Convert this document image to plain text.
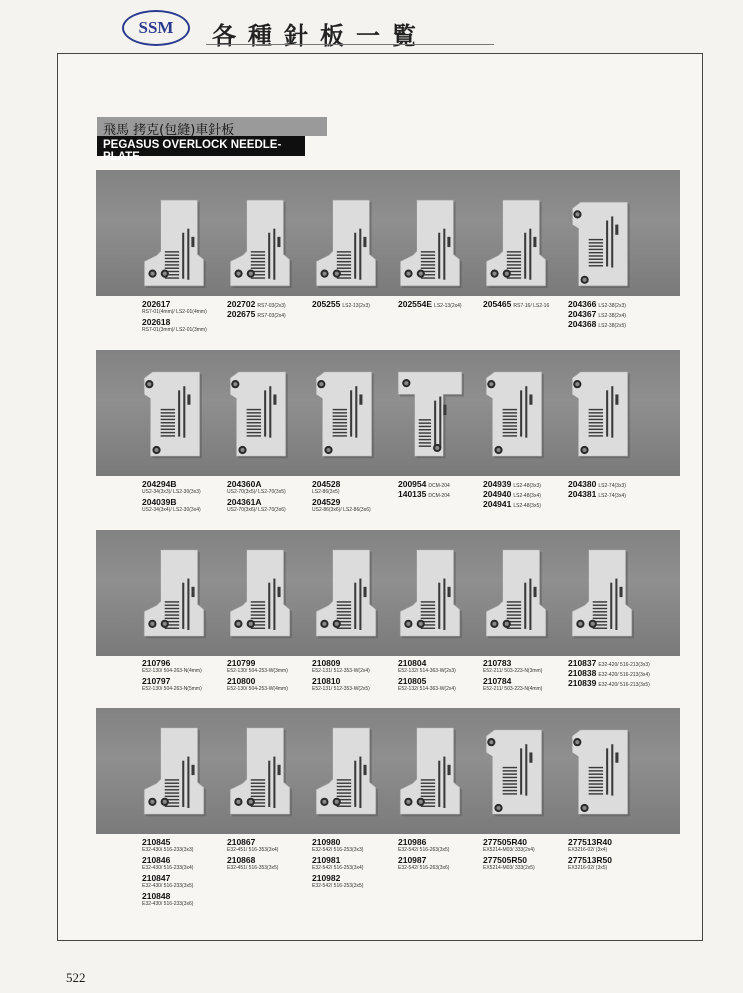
SSM 各種針板一覧
飛馬 拷克(包縫)車針板
PEGASUS OVERLOCK NEEDLE-PLATE
522
202617
RS7-01(4mm)/ LS2-01(4mm)
202618
RS7-01(3mm)/ LS2-01(3mm)
202702 RS7-03(2x3)
202675 RS7-03(2x4)
205255 LS2-13(2x3)	202554E LS2-13(2x4)	205465 RS7-16/ LS2-16 204366 LS2-38(2x3)
204367 LS2-38(2x4)
204368 LS2-38(2x5)
204294B
US2-34(3x3)/ LS2-30(3x3)
204039B
US2-34(3x4)/ LS2-30(3x4)
204360A
US2-70(3x5)/ LS2-70(3x5)
204361A
US2-70(3x6)/ LS2-70(3x6)
204528
LS2-86(3x5)
204529
US2-86(3x6)/ LS2-86(3x6)
200954 DCM-204
140135 DCM-204
204939 LS2-48(3x3)
204940 LS2-48(3x4)
204941 LS2-48(3x5)
204380 LS2-74(3x3)
204381 LS2-74(3x4)
210796
E52-130/ 504-263-N(4mm)
210797
E52-130/ 504-263-N(5mm)
210799
E52-130/ 504-253-W(3mm)
210800
E52-130/ 504-253-W(4mm)
210809
E52-131/ 512-353-W(2x4)
210810
E52-131/ 512-353-W(2x5)
210804
E52-132/ 514-363-W(2x3)
210805
E52-132/ 514-363-W(2x4)
210783
E52-211/ 503-223-N(3mm)
210784
E52-211/ 503-223-N(4mm)
210837 E32-420/ 516-213(3x3)
210838 E32-420/ 516-213(3x4)
210839 E32-420/ 516-213(3x5)
210845
E32-430/ 516-233(3x3)
210846
E32-430/ 516-233(3x4)
210847
E32-430/ 516-233(3x5)
210848
E32-430/ 516-233(3x6)
210867
E32-451/ 516-353(3x4)
210868
E32-451/ 516-353(3x5)
210980
E32-542/ 516-253(3x3)
210981
E32-542/ 516-253(3x4)
210982
E32-542/ 516-253(3x5)
210986
E32-542/ 516-263(3x5)
210987
E32-542/ 516-263(3x6)
277505R40
EX5214-M03/ 333(2x4)
277505R50
EX5214-M03/ 333(2x5)
277513R40
EX3216-02/ (3x4)
277513R50
EX3216-02/ (3x5)
